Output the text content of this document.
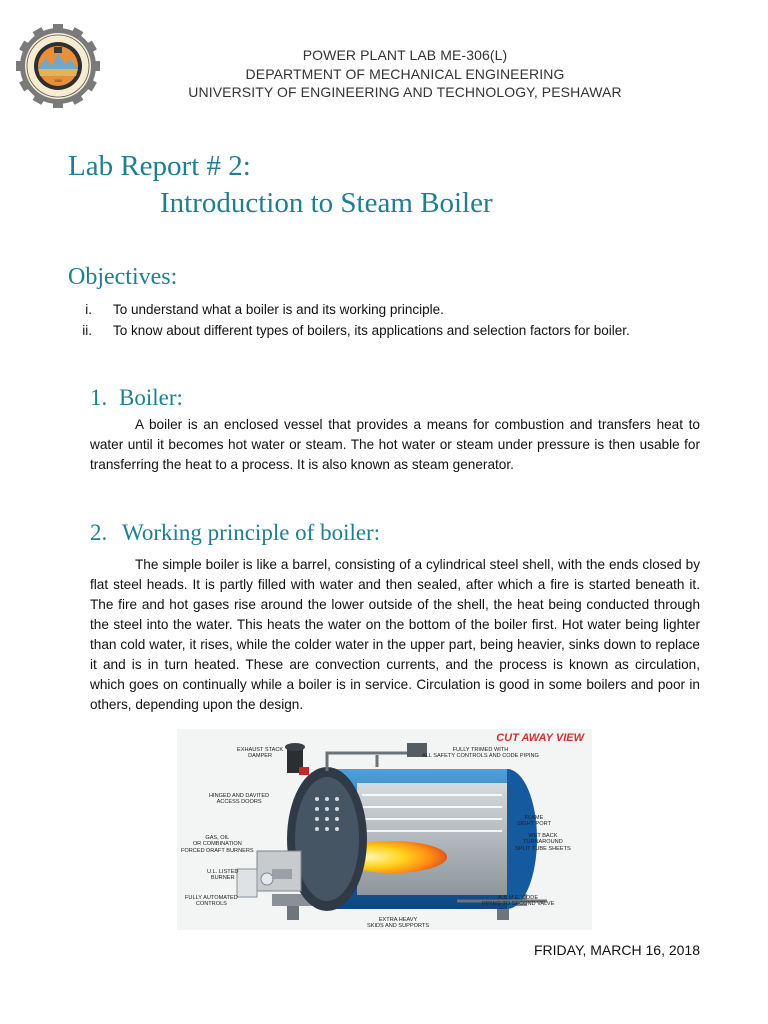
1980
POWER PLANT LAB ME-306(L)
DEPARTMENT OF MECHANICAL ENGINEERING
UNIVERSITY OF ENGINEERING AND TECHNOLOGY, PESHAWAR
Lab Report # 2:
Introduction to Steam Boiler
Objectives:
i. To understand what a boiler is and its working principle.
ii. To know about different types of boilers, its applications and selection factors for boiler.
1. Boiler:

A boiler is an enclosed vessel that provides a means for combustion and transfers heat to water until it becomes hot water or steam. The hot water or steam under pressure is then usable for transferring the heat to a process. It is also known as steam generator.

2. Working principle of boiler:

The simple boiler is like a barrel, consisting of a cylindrical steel shell, with the ends closed by flat steel heads. It is partly filled with water and then sealed, after which a fire is started beneath it. The fire and hot gases rise around the lower outside of the shell, the heat being conducted through the steel into the water. This heats the water on the bottom of the boiler first. Hot water being lighter than cold water, it rises, while the colder water in the upper part, being heavier, sinks down to replace it and is in turn heated. These are convection currents, and the process is known as circulation, which goes on continually while a boiler is in service. Circulation is good in some boilers and poor in others, depending upon the design.

CUT AWAY VIEW
EXHAUST STACK
DAMPER
FULLY TRIMED WITH
ALL SAFETY CONTROLS AND CODE PIPING
HINGED AND DAVITED
ACCESS DOORS
FLAME
SIGHT PORT
GAS, OIL
OR COMBINATION
FORCED DRAFT BURNERS
WET BACK
TURNAROUND
SPLIT TUBE SHEETS
U.L. LISTED
BURNER
FULLY AUTOMATED
CONTROLS
A.S.M.E. CODE
PIPING TO SECOND VALVE
EXTRA HEAVY
SKIDS AND SUPPORTS
FRIDAY, MARCH 16, 2018
